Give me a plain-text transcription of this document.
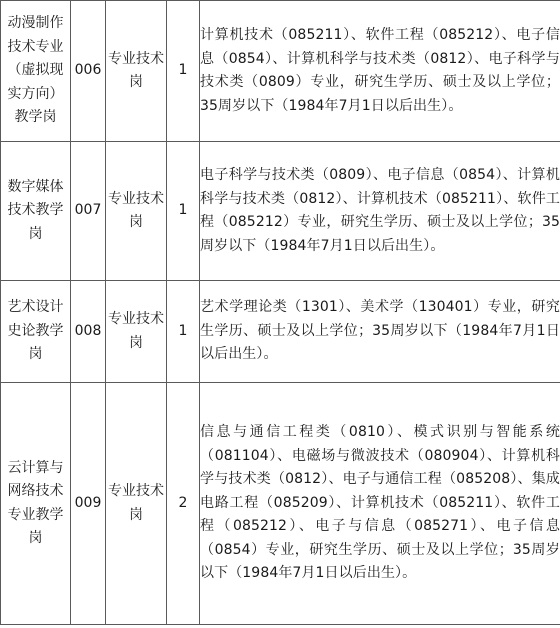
动漫制作技术专业（虚拟现实方向）教学岗	006	专业技术岗	1	计算机技术（085211）、软件工程（085212）、电子信息（0854）、计算机科学与技术类（0812）、电子科学与技术类（0809）专业，研究生学历、硕士及以上学位；35周岁以下（1984年7月1日以后出生）。
数字媒体技术教学岗	007	专业技术岗	1	电子科学与技术类（0809）、电子信息（0854）、计算机科学与技术类（0812）、计算机技术（085211）、软件工程（085212）专业，研究生学历、硕士及以上学位；35周岁以下（1984年7月1日以后出生）。
艺术设计史论教学岗	008	专业技术岗	1	艺术学理论类（1301）、美术学（130401）专业，研究生学历、硕士及以上学位；35周岁以下（1984年7月1日以后出生）。
云计算与网络技术专业教学岗	009	专业技术岗	2	信息与通信工程类（0810）、模式识别与智能系统（081104）、电磁场与微波技术（080904）、计算机科学与技术类（0812）、电子与通信工程（085208）、集成电路工程（085209）、计算机技术（085211）、软件工程（085212）、电子与信息（085271）、电子信息（0854）专业，研究生学历、硕士及以上学位；35周岁以下（1984年7月1日以后出生）。
